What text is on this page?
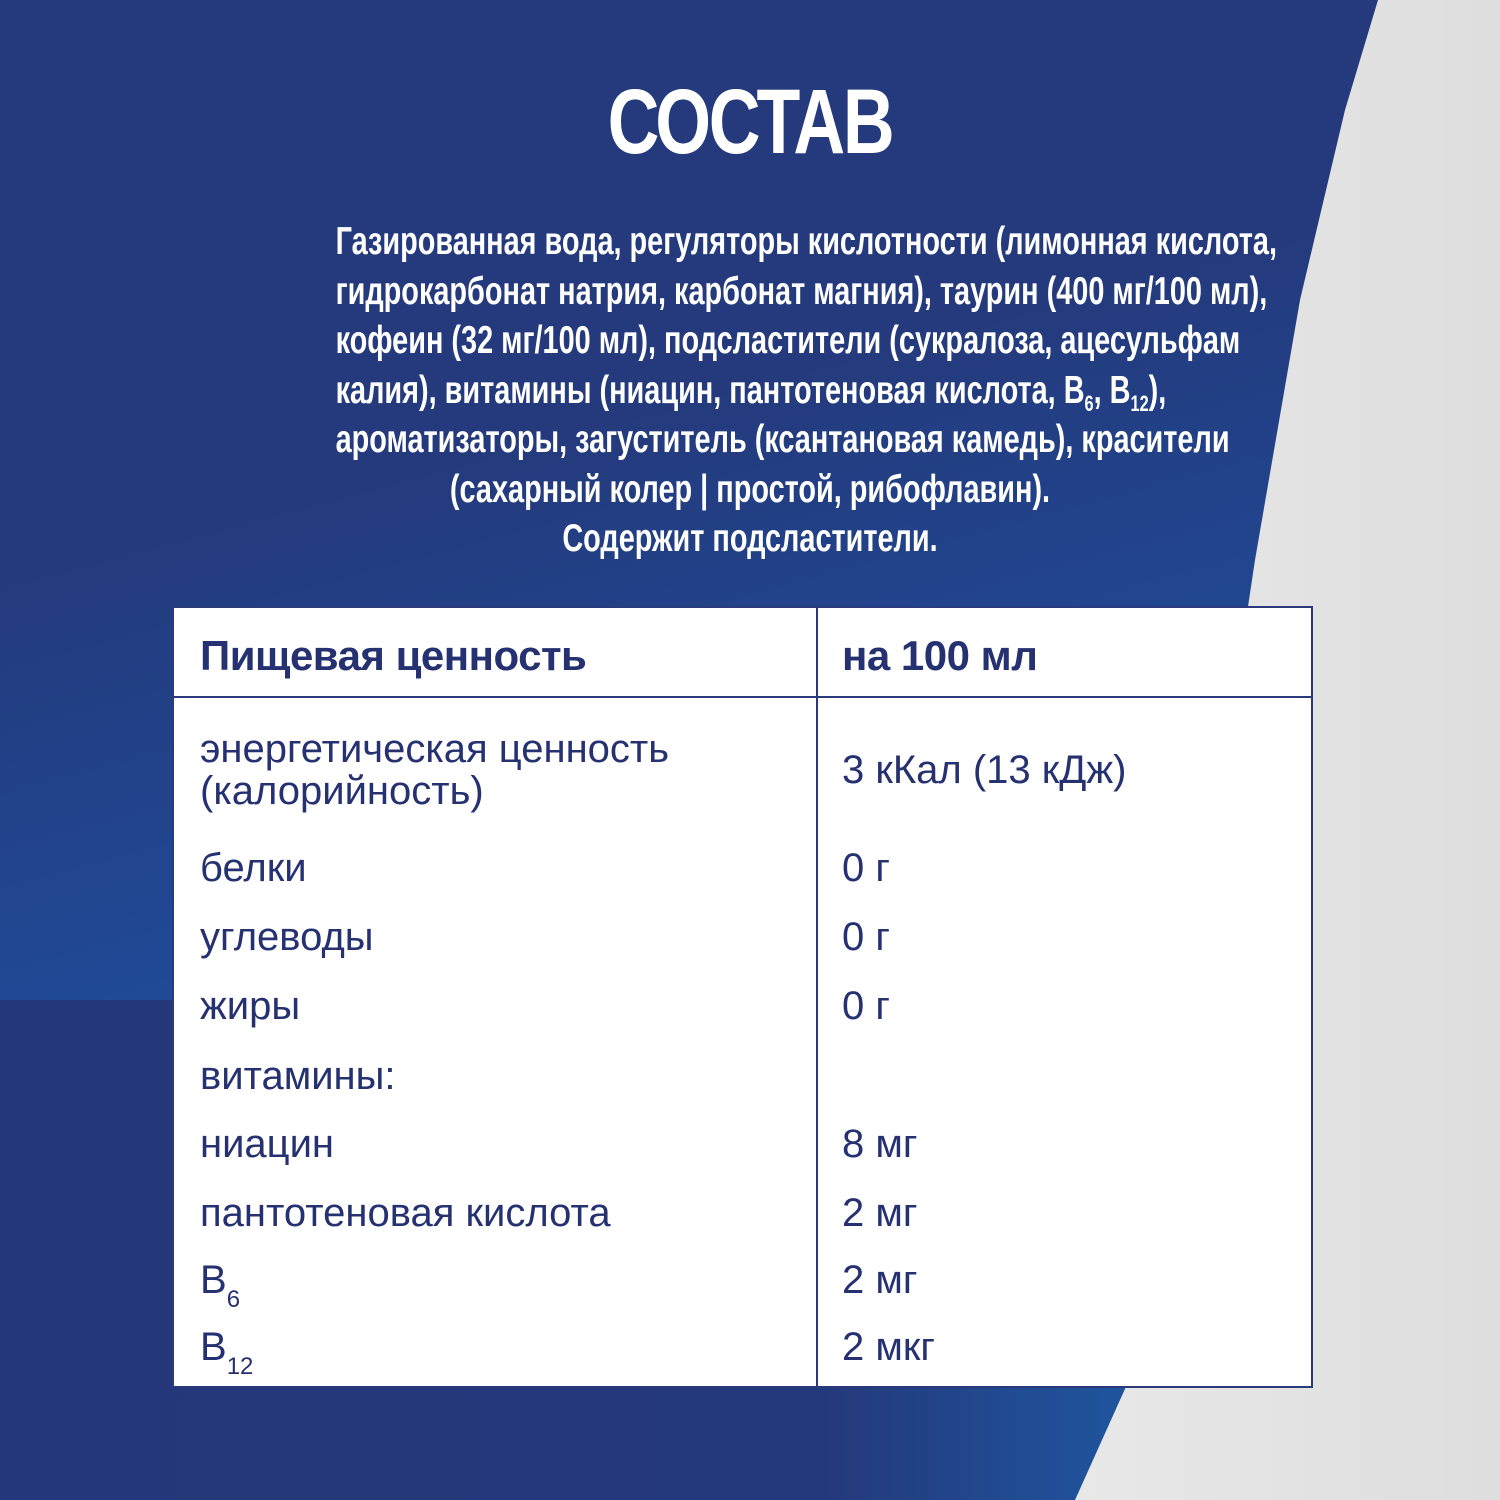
СОСТАВ
Газированная вода, регуляторы кислотности (лимонная кислота,
гидрокарбонат натрия, карбонат магния), таурин (400 мг/100 мл),
кофеин (32 мг/100 мл), подсластители (сукралоза, ацесульфам
калия), витамины (ниацин, пантотеновая кислота, $B_6$, $B_{12}$),
ароматизаторы, загуститель (ксантановая камедь), красители
(сахарный колер | простой, рибофлавин).
Содержит подсластители.
Пищевая ценность	на 100 мл
энергетическая ценность
(калорийность)	3 кКал (13 кДж)
белки	0 г
углеводы	0 г
жиры	0 г
витамины:
ниацин	8 мг
пантотеновая кислота	2 мг
$B_6$	2 мг
$B_{12}$	2 мкг
